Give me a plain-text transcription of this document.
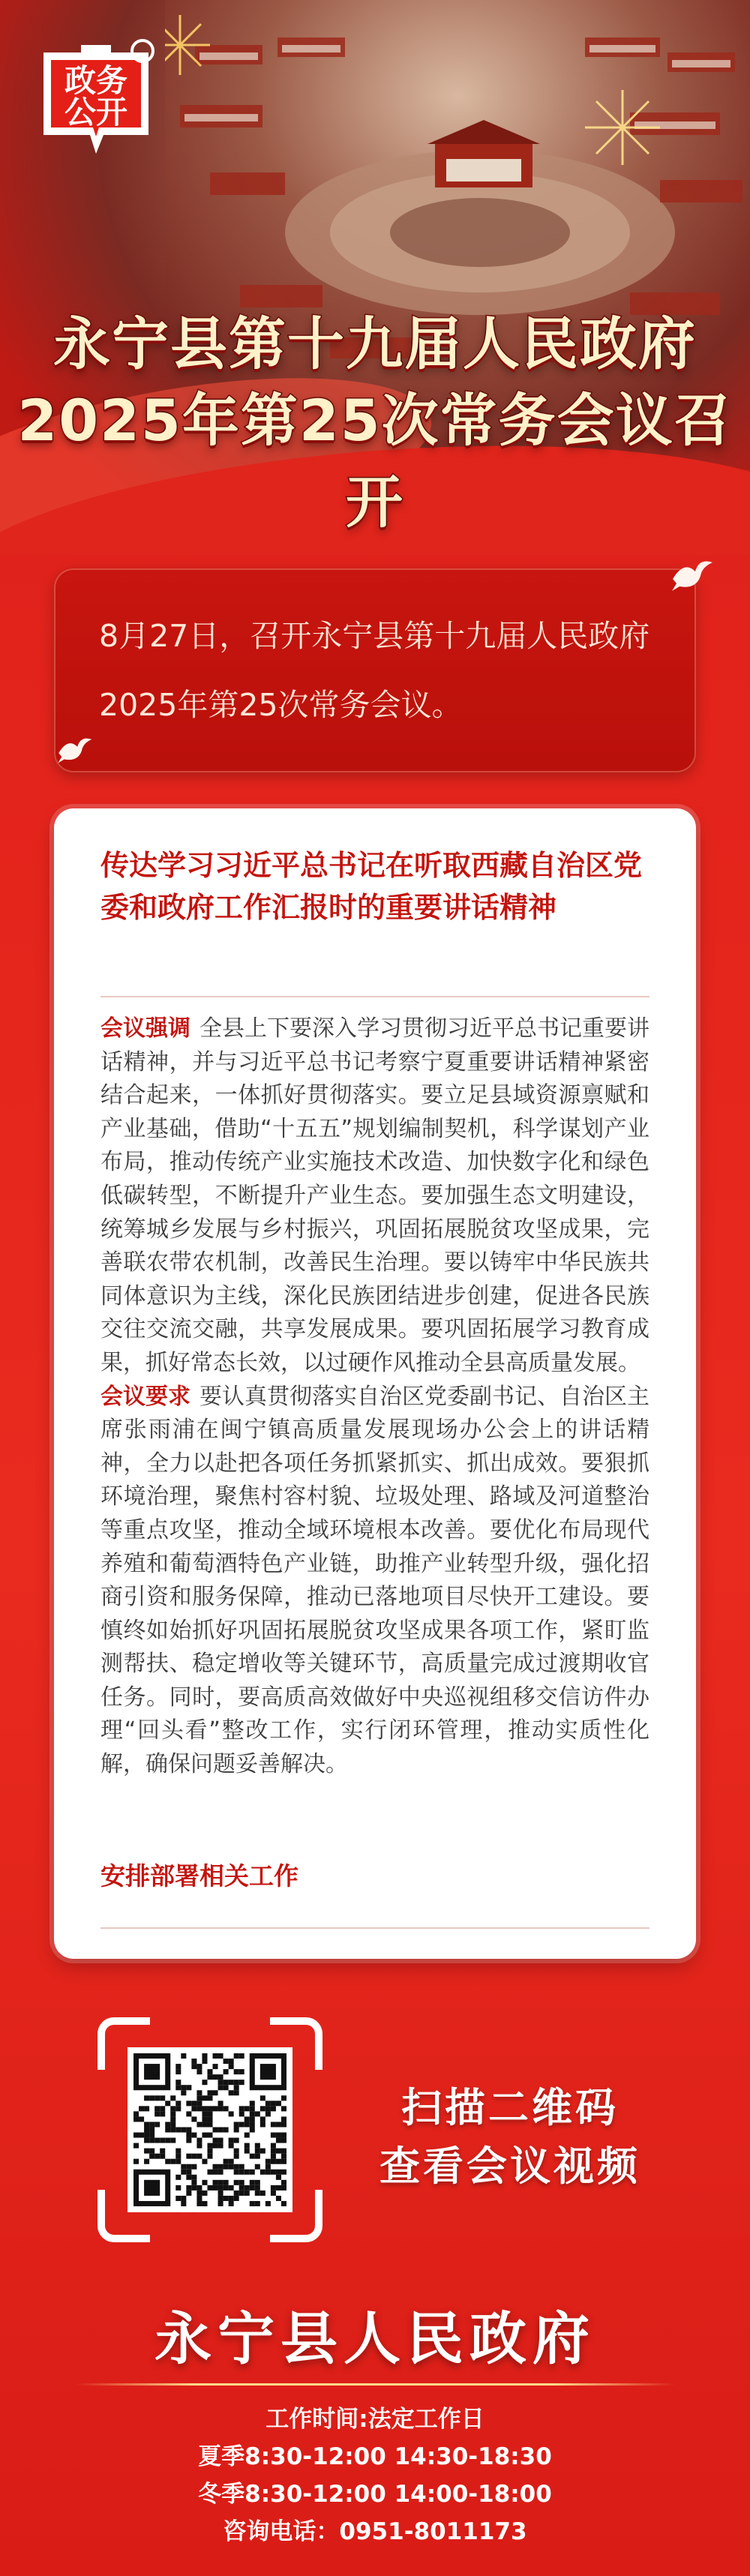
政务
公开
永宁县第十九届人民政府
2025年第25次常务会议召开
8月27日，召开永宁县第十九届人民政府2025年第25次常务会议。
传达学习习近平总书记在听取西藏自治区党委和政府工作汇报时的重要讲话精神

会议强调 全县上下要深入学习贯彻习近平总书记重要讲话精神，并与习近平总书记考察宁夏重要讲话精神紧密结合起来，一体抓好贯彻落实。要立足县域资源禀赋和产业基础，借助“十五五”规划编制契机，科学谋划产业布局，推动传统产业实施技术改造、加快数字化和绿色低碳转型，不断提升产业生态。要加强生态文明建设，统筹城乡发展与乡村振兴，巩固拓展脱贫攻坚成果，完善联农带农机制，改善民生治理。要以铸牢中华民族共同体意识为主线，深化民族团结进步创建，促进各民族交往交流交融，共享发展成果。要巩固拓展学习教育成果，抓好常态长效，以过硬作风推动全县高质量发展。

会议要求 要认真贯彻落实自治区党委副书记、自治区主席张雨浦在闽宁镇高质量发展现场办公会上的讲话精神，全力以赴把各项任务抓紧抓实、抓出成效。要狠抓环境治理，聚焦村容村貌、垃圾处理、路域及河道整治等重点攻坚，推动全域环境根本改善。要优化布局现代养殖和葡萄酒特色产业链，助推产业转型升级，强化招商引资和服务保障，推动已落地项目尽快开工建设。要慎终如始抓好巩固拓展脱贫攻坚成果各项工作，紧盯监测帮扶、稳定增收等关键环节，高质量完成过渡期收官任务。同时，要高质高效做好中央巡视组移交信访件办理“回头看”整改工作，实行闭环管理，推动实质性化解，确保问题妥善解决。

安排部署相关工作
扫描二维码
查看会议视频
永宁县人民政府
工作时间:法定工作日
夏季8:30-12:00 14:30-18:30
冬季8:30-12:00 14:00-18:00
咨询电话：0951-8011173
